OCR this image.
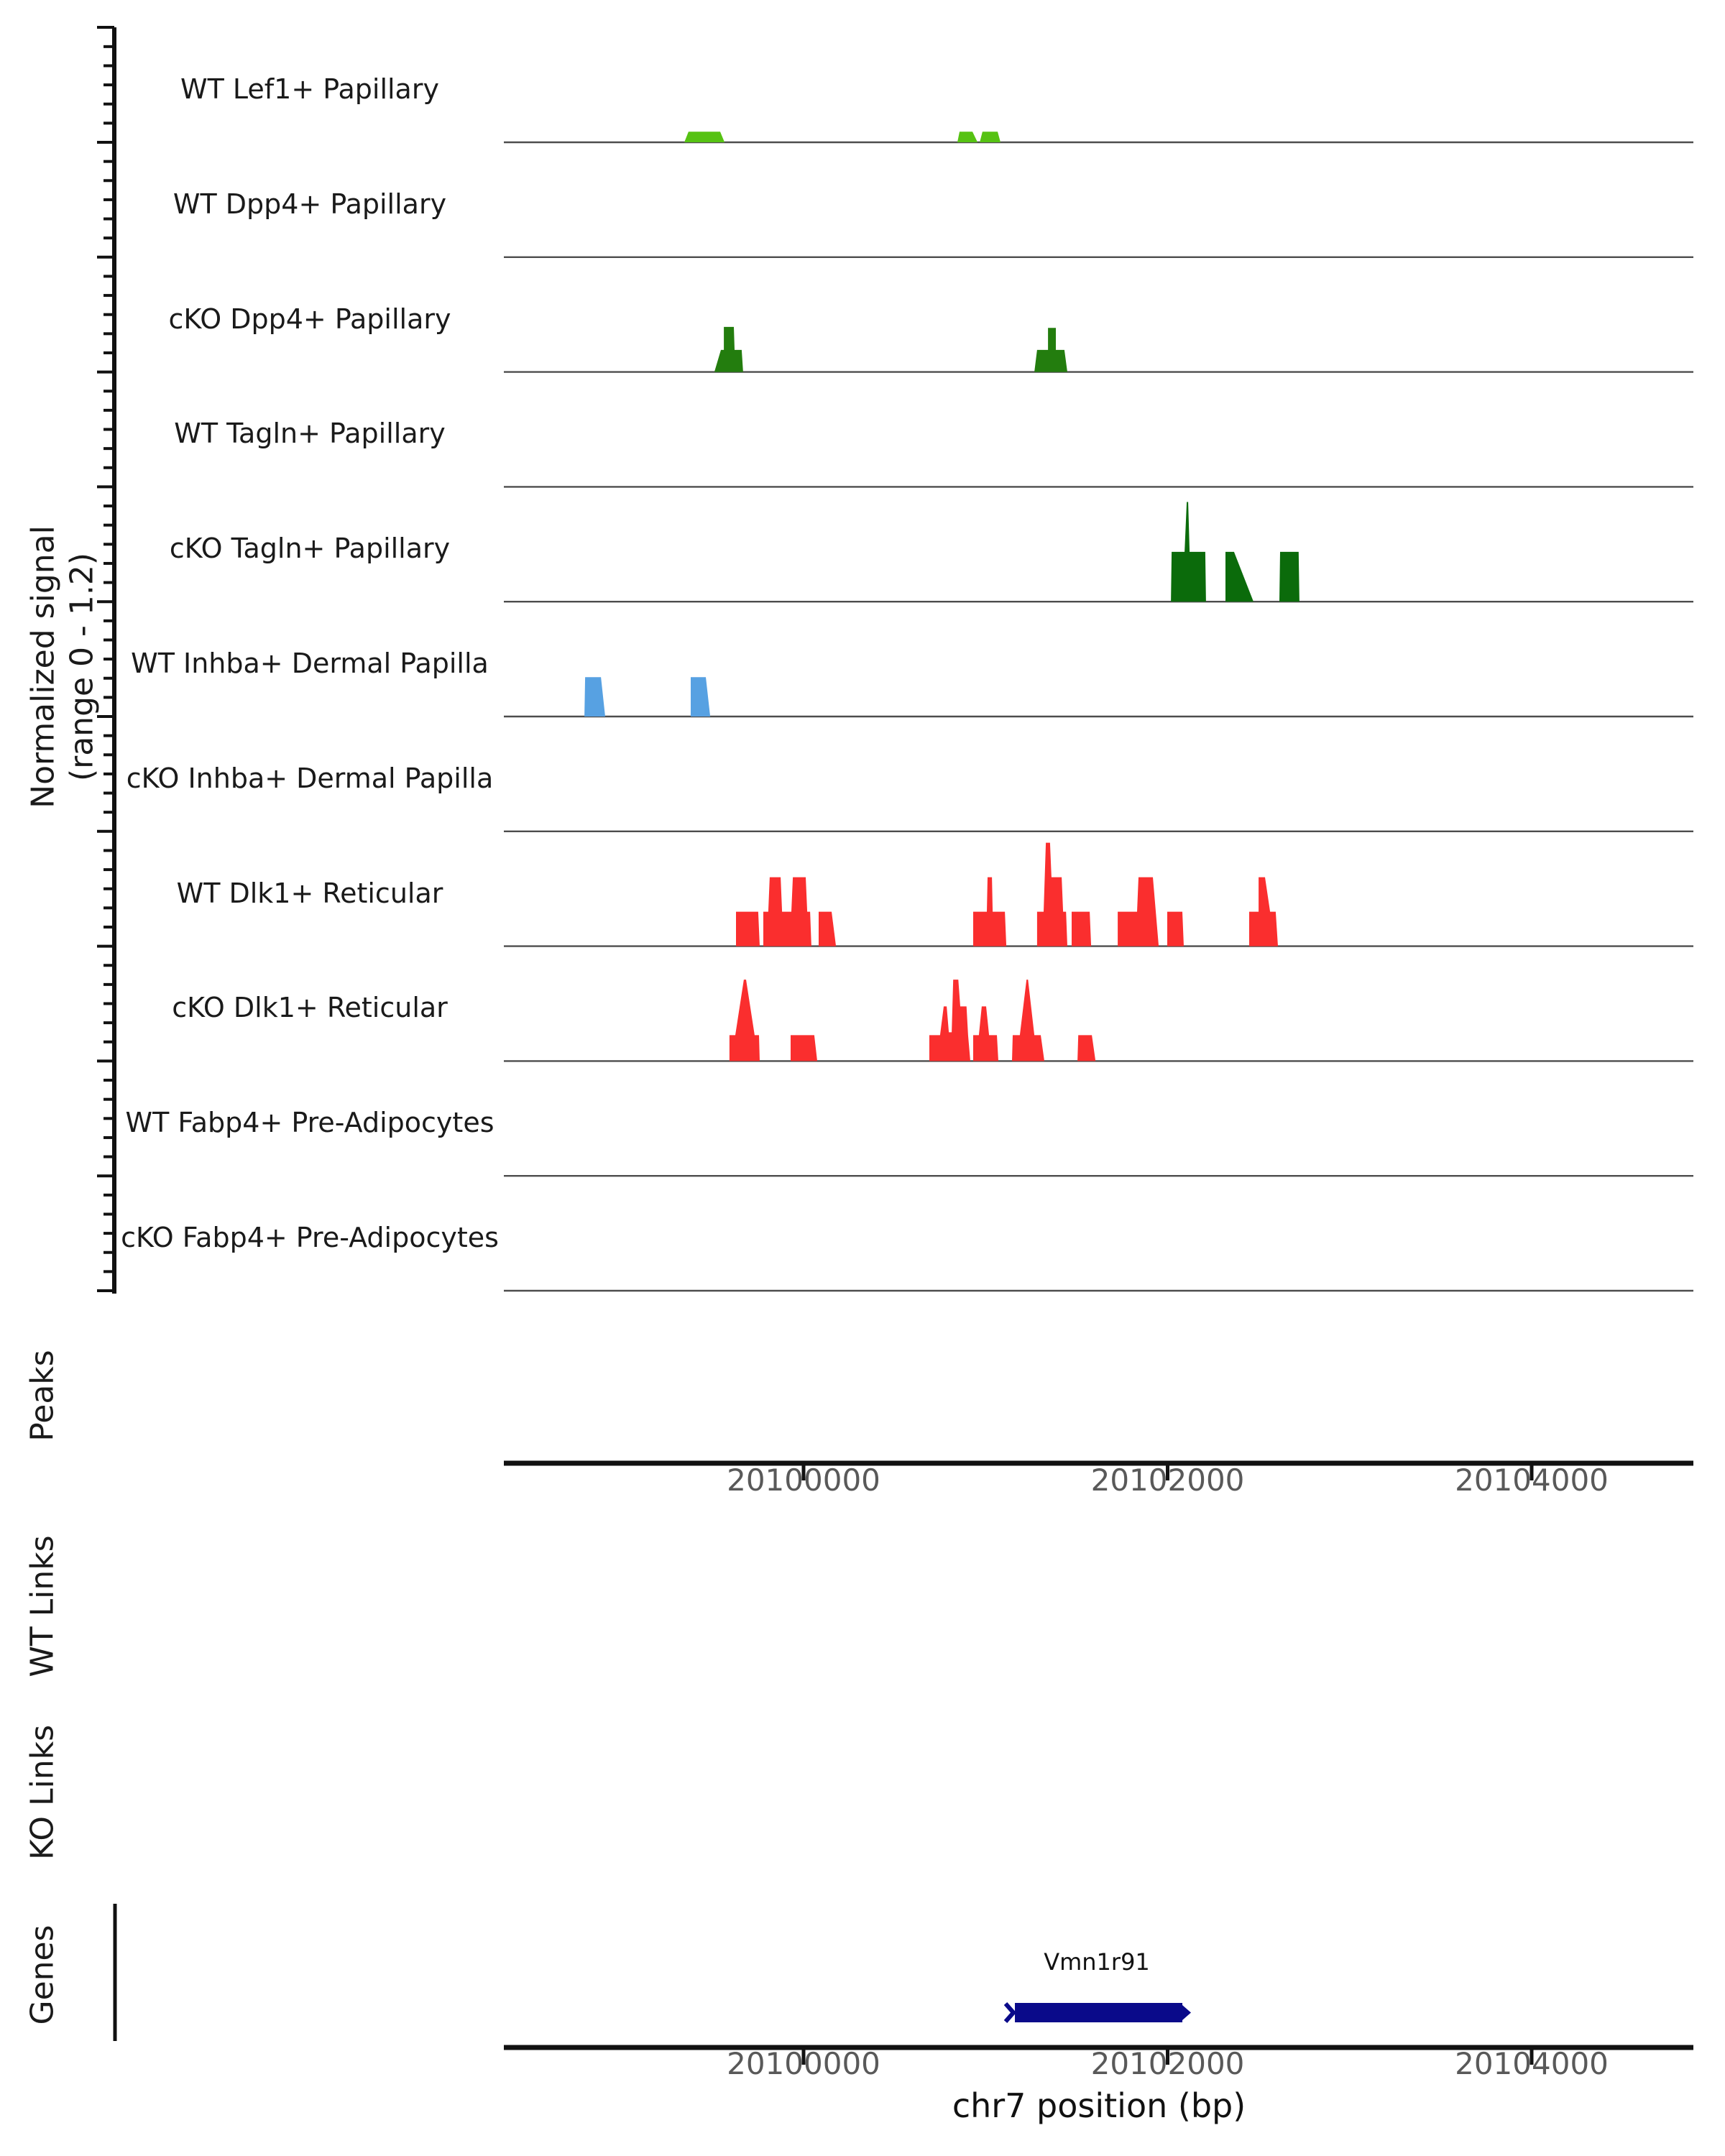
20100000	20102000	20104000
20100000	20102000	20104000
Normalized signal (range 0 - 1.2)
Peaks
WT Links
KO Links
Genes	Vmn1r91
chr7 position (bp)
WT Lef1+ Papillary
WT Dpp4+ Papillary
cKO Dpp4+ Papillary
WT Tagln+ Papillary
cKO Tagln+ Papillary
WT Inhba+ Dermal Papilla
cKO Inhba+ Dermal Papilla
WT Dlk1+ Reticular
cKO Dlk1+ Reticular
WT Fabp4+ Pre-Adipocytes
cKO Fabp4+ Pre-Adipocytes
